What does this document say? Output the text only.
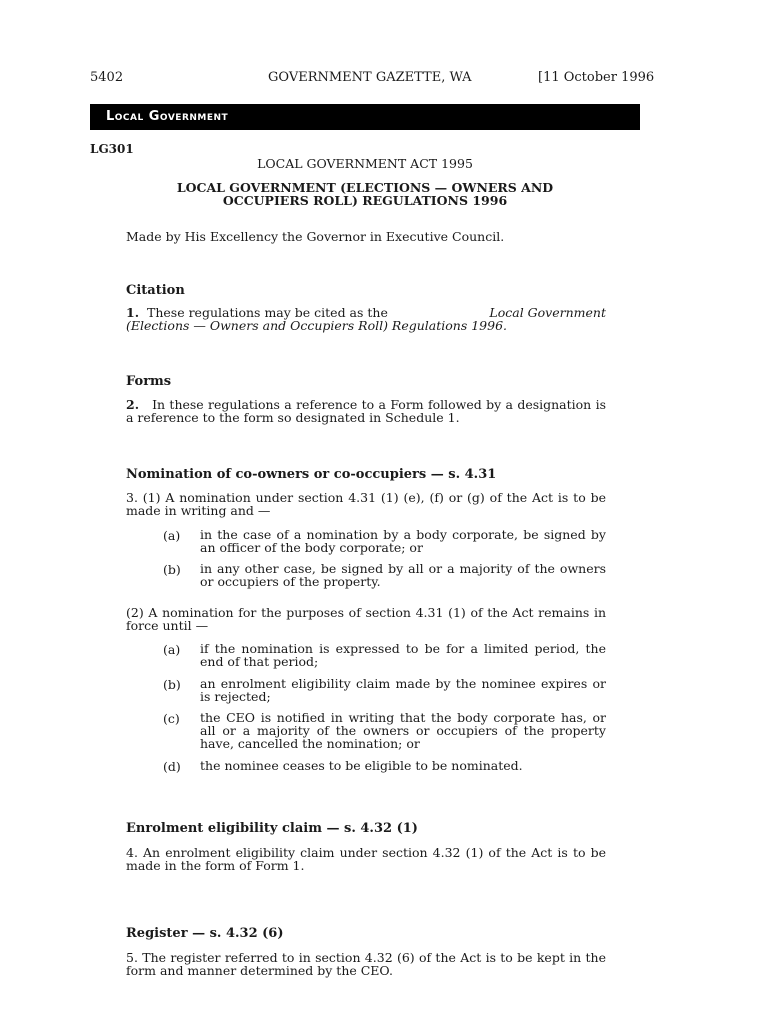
5402	GOVERNMENT GAZETTE, WA	[11 October 1996
Local Government
LG301
LOCAL GOVERNMENT ACT 1995
LOCAL GOVERNMENT (ELECTIONS — OWNERS AND
OCCUPIERS ROLL) REGULATIONS 1996
Made by His Excellency the Governor in Executive Council.
Citation
1. These regulations may be cited as the	Local Government
(Elections — Owners and Occupiers Roll) Regulations 1996.
Forms
2. In these regulations a reference to a Form followed by a designation is a reference to the form so designated in Schedule 1.
Nomination of co-owners or co-occupiers — s. 4.31
3. (1) A nomination under section 4.31 (1) (e), (f) or (g) of the Act is to be made in writing and —
(a) in the case of a nomination by a body corporate, be signed by an officer of the body corporate; or
(b) in any other case, be signed by all or a majority of the owners or occupiers of the property.
(2) A nomination for the purposes of section 4.31 (1) of the Act remains in force until —
(a) if the nomination is expressed to be for a limited period, the end of that period;
(b) an enrolment eligibility claim made by the nominee expires or is rejected;
(c) the CEO is notified in writing that the body corporate has, or all or a majority of the owners or occupiers of the property have, cancelled the nomination; or
(d) the nominee ceases to be eligible to be nominated.
Enrolment eligibility claim — s. 4.32 (1)
4. An enrolment eligibility claim under section 4.32 (1) of the Act is to be made in the form of Form 1.
Register — s. 4.32 (6)
5. The register referred to in section 4.32 (6) of the Act is to be kept in the form and manner determined by the CEO.
